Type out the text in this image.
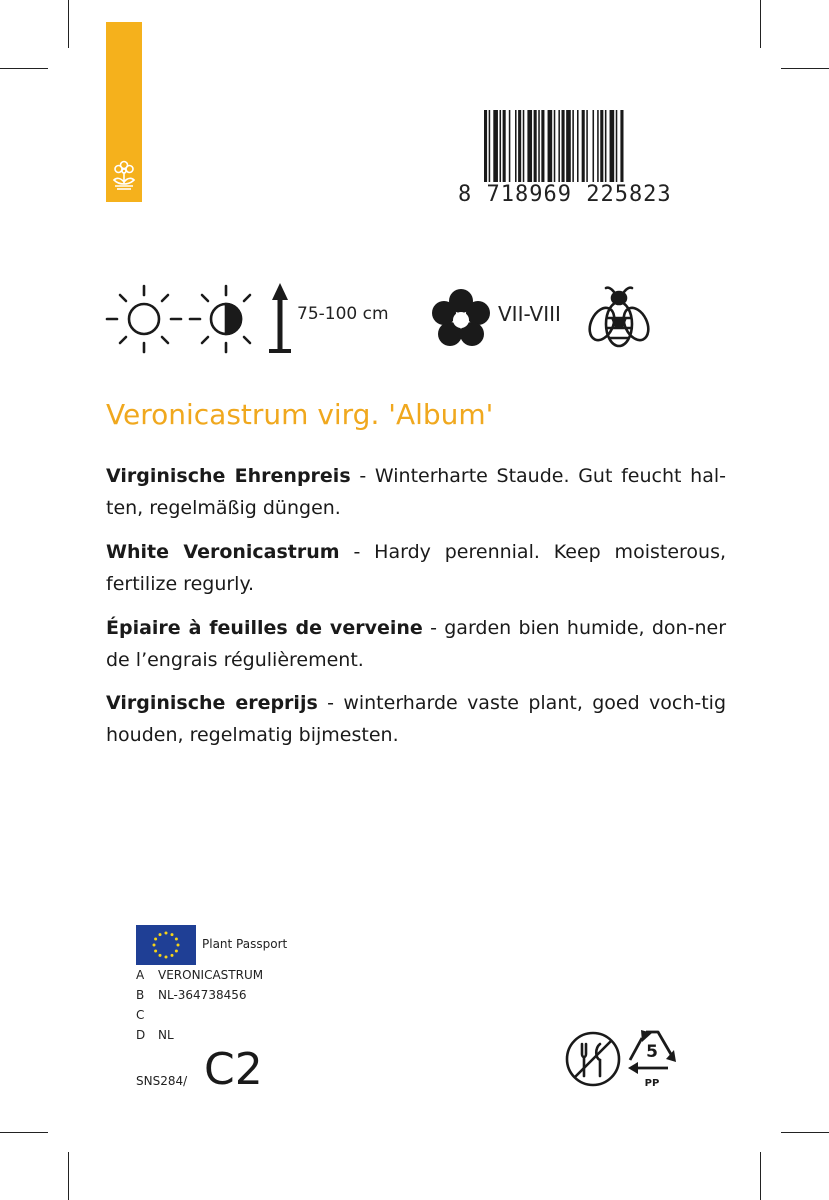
8 718969 225823
75-100 cm	VII-VIII
Veronicastrum virg. 'Album'

Virginische Ehrenpreis - Winterharte Staude. Gut feucht hal-ten, regelmäßig düngen.

White Veronicastrum - Hardy perennial. Keep moisterous, fertilize regurly.

Épiaire à feuilles de verveine - garden bien humide, don-ner de l’engrais régulièrement.

Virginische ereprijs - winterharde vaste plant, goed voch-tig houden, regelmatig bijmesten.

Plant Passport
A VERONICASTRUM
B NL-364738456
C
D NL
SNS284/ C2	5
PP
